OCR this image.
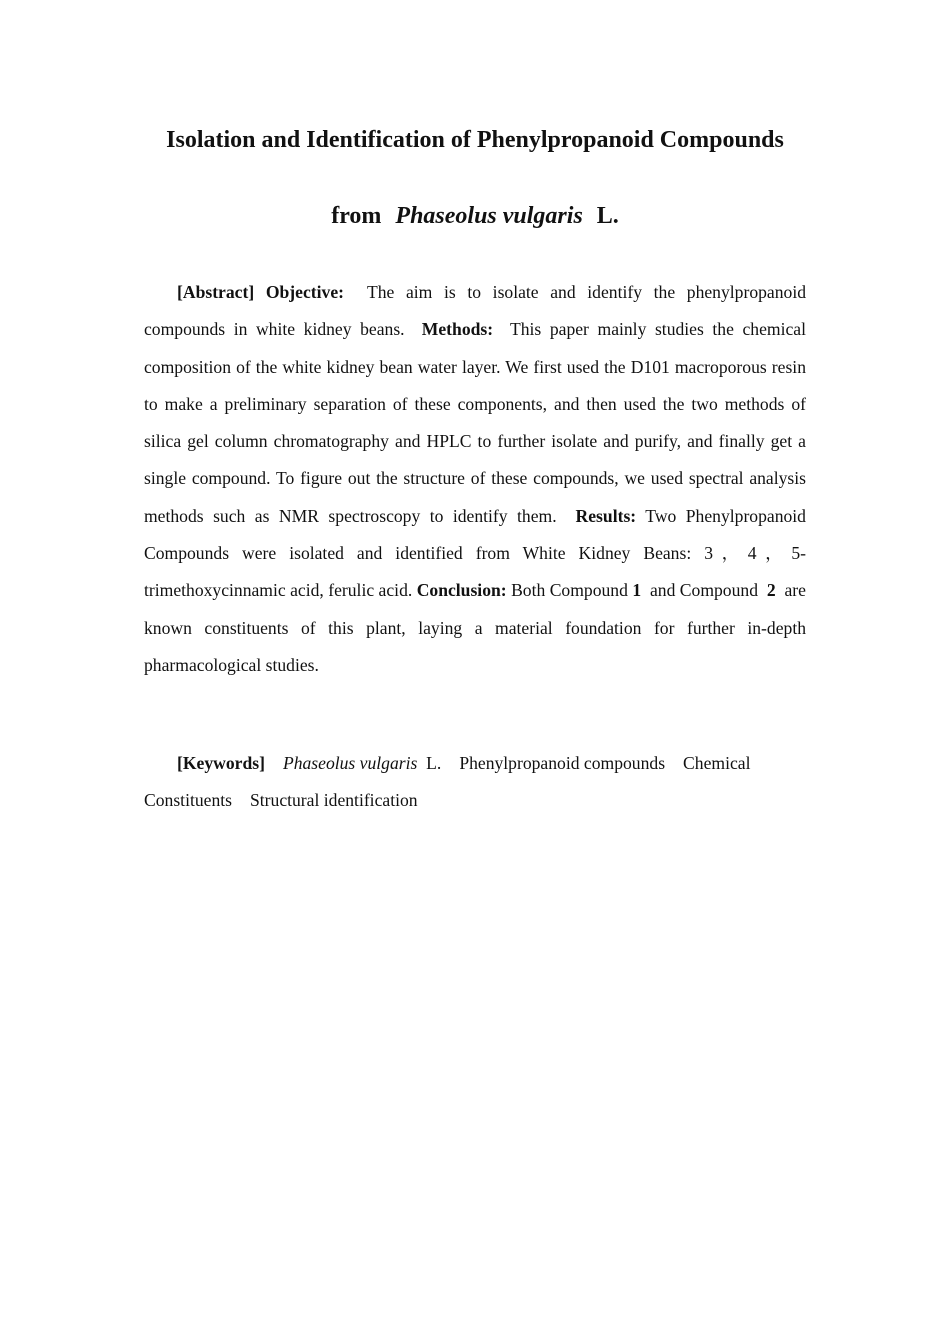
Isolation and Identification of Phenylpropanoid Compounds
from Phaseolus vulgaris L.

[Abstract] Objective: The aim is to isolate and identify the phenylpropanoid compounds in white kidney beans. Methods: This paper mainly studies the chemical composition of the white kidney bean water layer. We first used the D101 macroporous resin to make a preliminary separation of these components, and then used the two methods of silica gel column chromatography and HPLC to further isolate and purify, and finally get a single compound. To figure out the structure of these compounds, we used spectral analysis methods such as NMR spectroscopy to identify them. Results: Two Phenylpropanoid Compounds were isolated and identified from White Kidney Beans: 3，4，5-trimethoxycinnamic acid, ferulic acid. Conclusion: Both Compound 1 and Compound 2 are known constituents of this plant, laying a material foundation for further in-depth pharmacological studies.

[Keywords] Phaseolus vulgaris L. Phenylpropanoid compounds Chemical Constituents Structural identification
